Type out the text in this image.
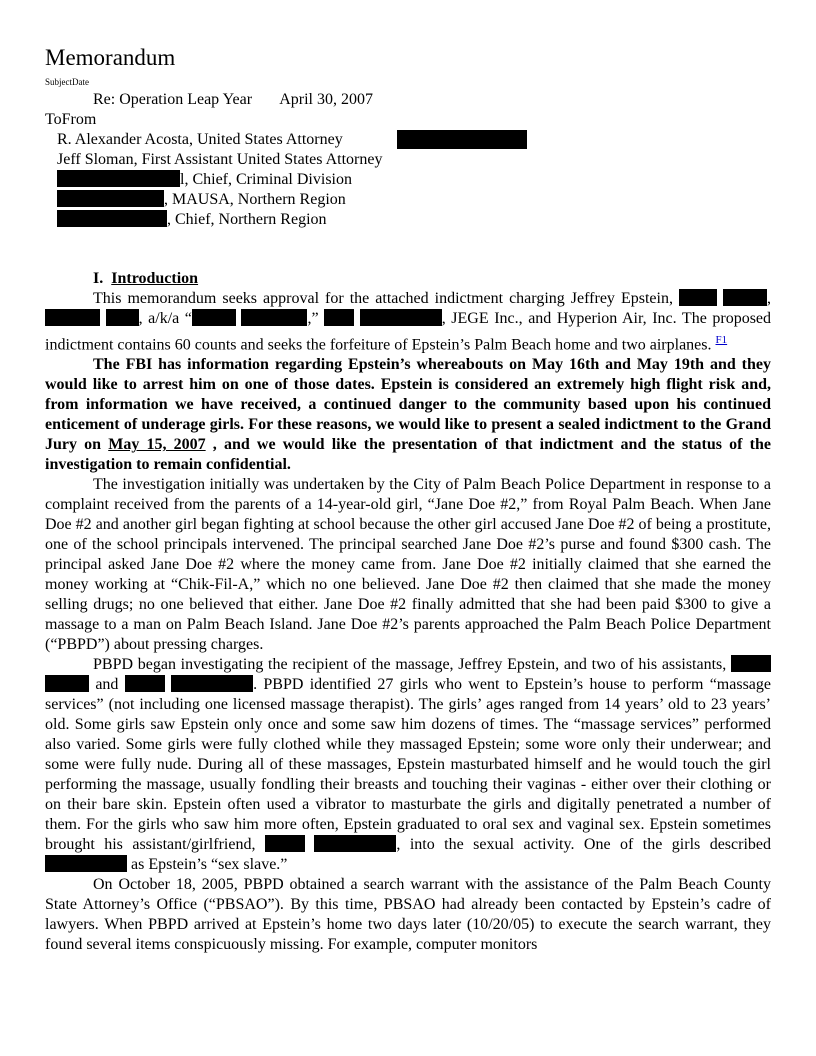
Memorandum
SubjectDate
Re: Operation Leap Year April 30, 2007
ToFrom
R. Alexander Acosta, United States Attorney
Jeff Sloman, First Assistant United States Attorney
l, Chief, Criminal Division
, MAUSA, Northern Region
, Chief, Northern Region

I. Introduction

This memorandum seeks approval for the attached indictment charging Jeffrey Epstein,	,  , a/k/a “	,”	, JEGE Inc., and Hyperion Air, Inc. The proposed indictment contains 60 counts and seeks the forfeiture of Epstein’s Palm Beach home and two airplanes. $^{F1}$

The FBI has information regarding Epstein’s whereabouts on May 16th and May 19th and they would like to arrest him on one of those dates. Epstein is considered an extremely high flight risk and, from information we have received, a continued danger to the community based upon his continued enticement of underage girls. For these reasons, we would like to present a sealed indictment to the Grand Jury on May 15, 2007 , and we would like the presentation of that indictment and the status of the investigation to remain confidential.

The investigation initially was undertaken by the City of Palm Beach Police Department in response to a complaint received from the parents of a 14-year-old girl, “Jane Doe #2,” from Royal Palm Beach. When Jane Doe #2 and another girl began fighting at school because the other girl accused Jane Doe #2 of being a prostitute, one of the school principals intervened. The principal searched Jane Doe #2’s purse and found $300 cash. The principal asked Jane Doe #2 where the money came from. Jane Doe #2 initially claimed that she earned the money working at “Chik-Fil-A,” which no one believed. Jane Doe #2 then claimed that she made the money selling drugs; no one believed that either. Jane Doe #2 finally admitted that she had been paid $300 to give a massage to a man on Palm Beach Island. Jane Doe #2’s parents approached the Palm Beach Police Department (“PBPD”) about pressing charges.

PBPD began investigating the recipient of the massage, Jeffrey Epstein, and two of his assistants,   and	. PBPD identified 27 girls who went to Epstein’s house to perform “massage services” (not including one licensed massage therapist). The girls’ ages ranged from 14 years’ old to 23 years’ old. Some girls saw Epstein only once and some saw him dozens of times. The “massage services” performed also varied. Some girls were fully clothed while they massaged Epstein; some wore only their underwear; and some were fully nude. During all of these massages, Epstein masturbated himself and he would touch the girl performing the massage, usually fondling their breasts and touching their vaginas - either over their clothing or on their bare skin. Epstein often used a vibrator to masturbate the girls and digitally penetrated a number of them. For the girls who saw him more often, Epstein graduated to oral sex and vaginal sex. Epstein sometimes brought his assistant/girlfriend,	, into the sexual activity. One of the girls described  as Epstein’s “sex slave.”

On October 18, 2005, PBPD obtained a search warrant with the assistance of the Palm Beach County State Attorney’s Office (“PBSAO”). By this time, PBSAO had already been contacted by Epstein’s cadre of lawyers. When PBPD arrived at Epstein’s home two days later (10/20/05) to execute the search warrant, they found several items conspicuously missing. For example, computer monitors
